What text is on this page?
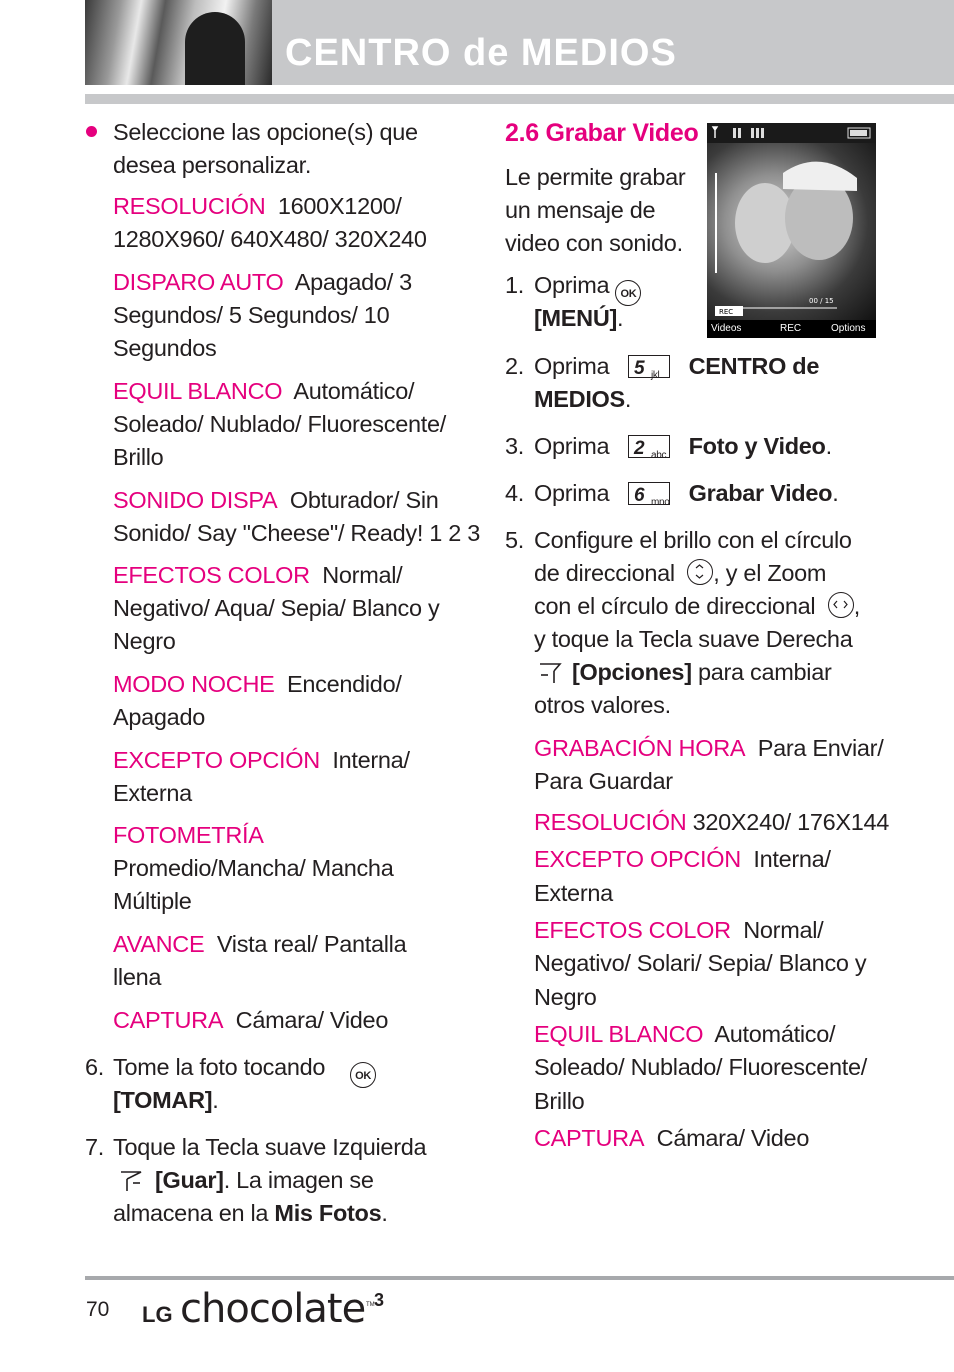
CENTRO de MEDIOS

Seleccione las opcione(s) que

desea personalizar.

RESOLUCIÓN 1600X1200/

1280X960/ 640X480/ 320X240

DISPARO AUTO Apagado/ 3

Segundos/ 5 Segundos/ 10

Segundos

EQUIL BLANCO Automático/

Soleado/ Nublado/ Fluorescente/

Brillo

SONIDO DISPA Obturador/ Sin

Sonido/ Say "Cheese"/ Ready! 1 2 3

EFECTOS COLOR Normal/

Negativo/ Aqua/ Sepia/ Blanco y

Negro

MODO NOCHE Encendido/

Apagado

EXCEPTO OPCIÓN Interna/

Externa

FOTOMETRÍA

Promedio/Mancha/ Mancha

Múltiple

AVANCE Vista real/ Pantalla

llena

CAPTURA Cámara/ Video

6. Tome la foto tocando	OK

[TOMAR].

7. Toque la Tecla suave Izquierda

[Guar]. La imagen se

almacena en la Mis Fotos.

2.6 Grabar Video

Le permite grabar

un mensaje de

video con sonido.

REC
00 / 15
Videos	REC	Options

1. Oprima OK

[MENÚ].

2. Oprima 5 jkl CENTRO de

MEDIOS.

3. Oprima 2 abc Foto y Video.

4. Oprima 6 mno Grabar Video.

5. Configure el brillo con el círculo

de direccional , y el Zoom

con el círculo de direccional ,

y toque la Tecla suave Derecha

[Opciones] para cambiar

otros valores.

GRABACIÓN HORA Para Enviar/

Para Guardar

RESOLUCIÓN 320X240/ 176X144

EXCEPTO OPCIÓN Interna/

Externa

EFECTOS COLOR Normal/

Negativo/ Solari/ Sepia/ Blanco y

Negro

EQUIL BLANCO Automático/

Soleado/ Nublado/ Fluorescente/

Brillo

CAPTURA Cámara/ Video

70 LG chocolate TM 3
